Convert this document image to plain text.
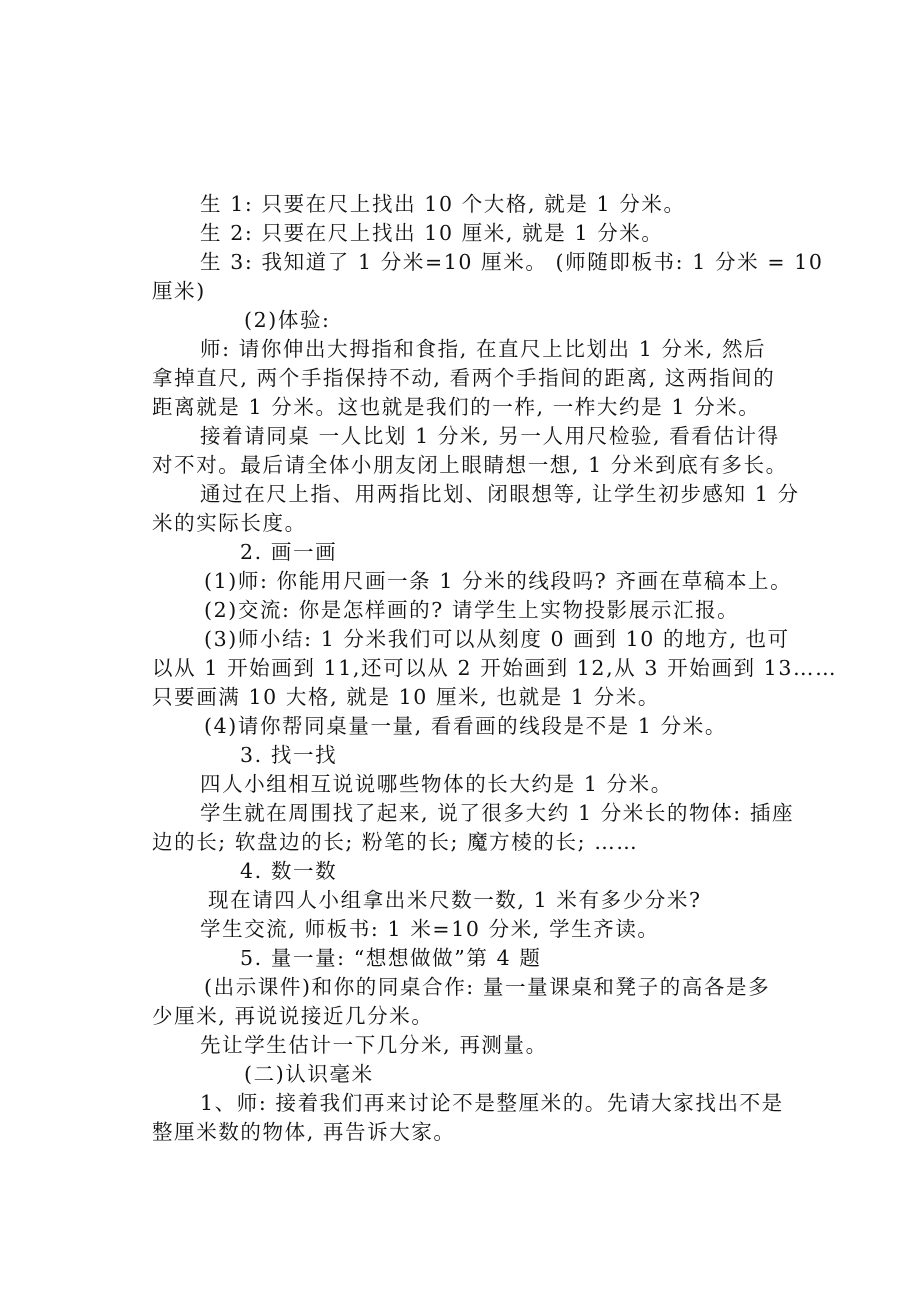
生 1: 只要在尺上找出 10 个大格, 就是 1 分米。
生 2: 只要在尺上找出 10 厘米, 就是 1 分米。
生 3: 我知道了 1 分米=10 厘米。 (师随即板书: 1 分米 = 10
厘米)
(2)体验:
师: 请你伸出大拇指和食指, 在直尺上比划出 1 分米, 然后
拿掉直尺, 两个手指保持不动, 看两个手指间的距离, 这两指间的
距离就是 1 分米。这也就是我们的一柞, 一柞大约是 1 分米。
接着请同桌 一人比划 1 分米, 另一人用尺检验, 看看估计得
对不对。最后请全体小朋友闭上眼睛想一想, 1 分米到底有多长。
通过在尺上指、用两指比划、闭眼想等, 让学生初步感知 1 分
米的实际长度。
2. 画一画
(1)师: 你能用尺画一条 1 分米的线段吗? 齐画在草稿本上。
(2)交流: 你是怎样画的? 请学生上实物投影展示汇报。
(3)师小结: 1 分米我们可以从刻度 0 画到 10 的地方, 也可
以从 1 开始画到 11,还可以从 2 开始画到 12,从 3 开始画到 13……
只要画满 10 大格, 就是 10 厘米, 也就是 1 分米。
(4)请你帮同桌量一量, 看看画的线段是不是 1 分米。
3. 找一找
四人小组相互说说哪些物体的长大约是 1 分米。
学生就在周围找了起来, 说了很多大约 1 分米长的物体: 插座
边的长; 软盘边的长; 粉笔的长; 魔方棱的长; ……
4. 数一数
现在请四人小组拿出米尺数一数, 1 米有多少分米?
学生交流, 师板书: 1 米=10 分米, 学生齐读。
5. 量一量: “想想做做”第 4 题
(出示课件)和你的同桌合作: 量一量课桌和凳子的高各是多
少厘米, 再说说接近几分米。
先让学生估计一下几分米, 再测量。
(二)认识毫米
1、师: 接着我们再来讨论不是整厘米的。先请大家找出不是
整厘米数的物体, 再告诉大家。
